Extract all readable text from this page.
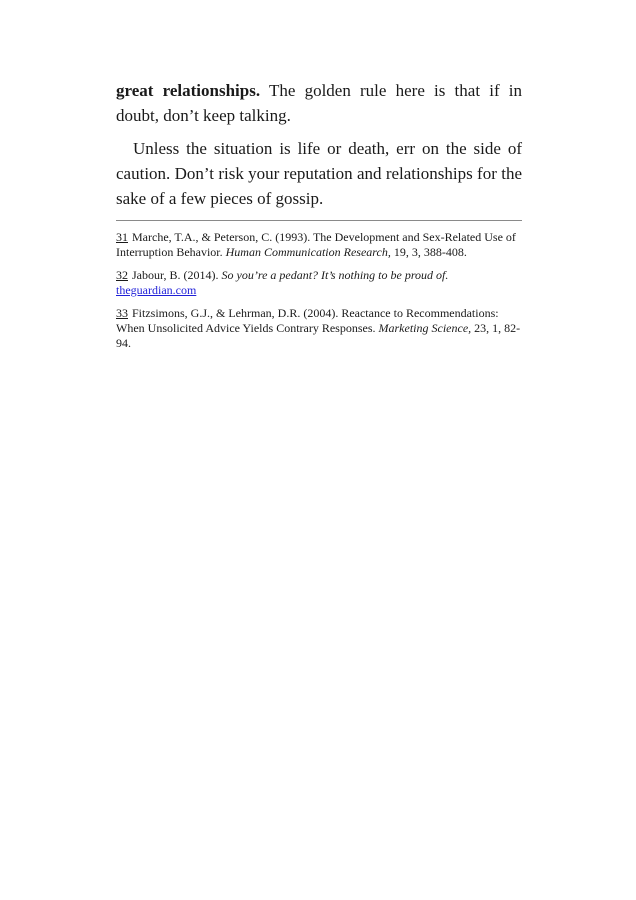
great relationships. The golden rule here is that if in doubt, don’t keep talking.

Unless the situation is life or death, err on the side of caution. Don’t risk your reputation and relationships for the sake of a few pieces of gossip.

31 Marche, T.A., & Peterson, C. (1993). The Development and Sex-Related Use of Interruption Behavior. Human Communication Research, 19, 3, 388-408.

32 Jabour, B. (2014). So you’re a pedant? It’s nothing to be proud of.
theguardian.com

33 Fitzsimons, G.J., & Lehrman, D.R. (2004). Reactance to Recommendations: When Unsolicited Advice Yields Contrary Responses. Marketing Science, 23, 1, 82-94.
